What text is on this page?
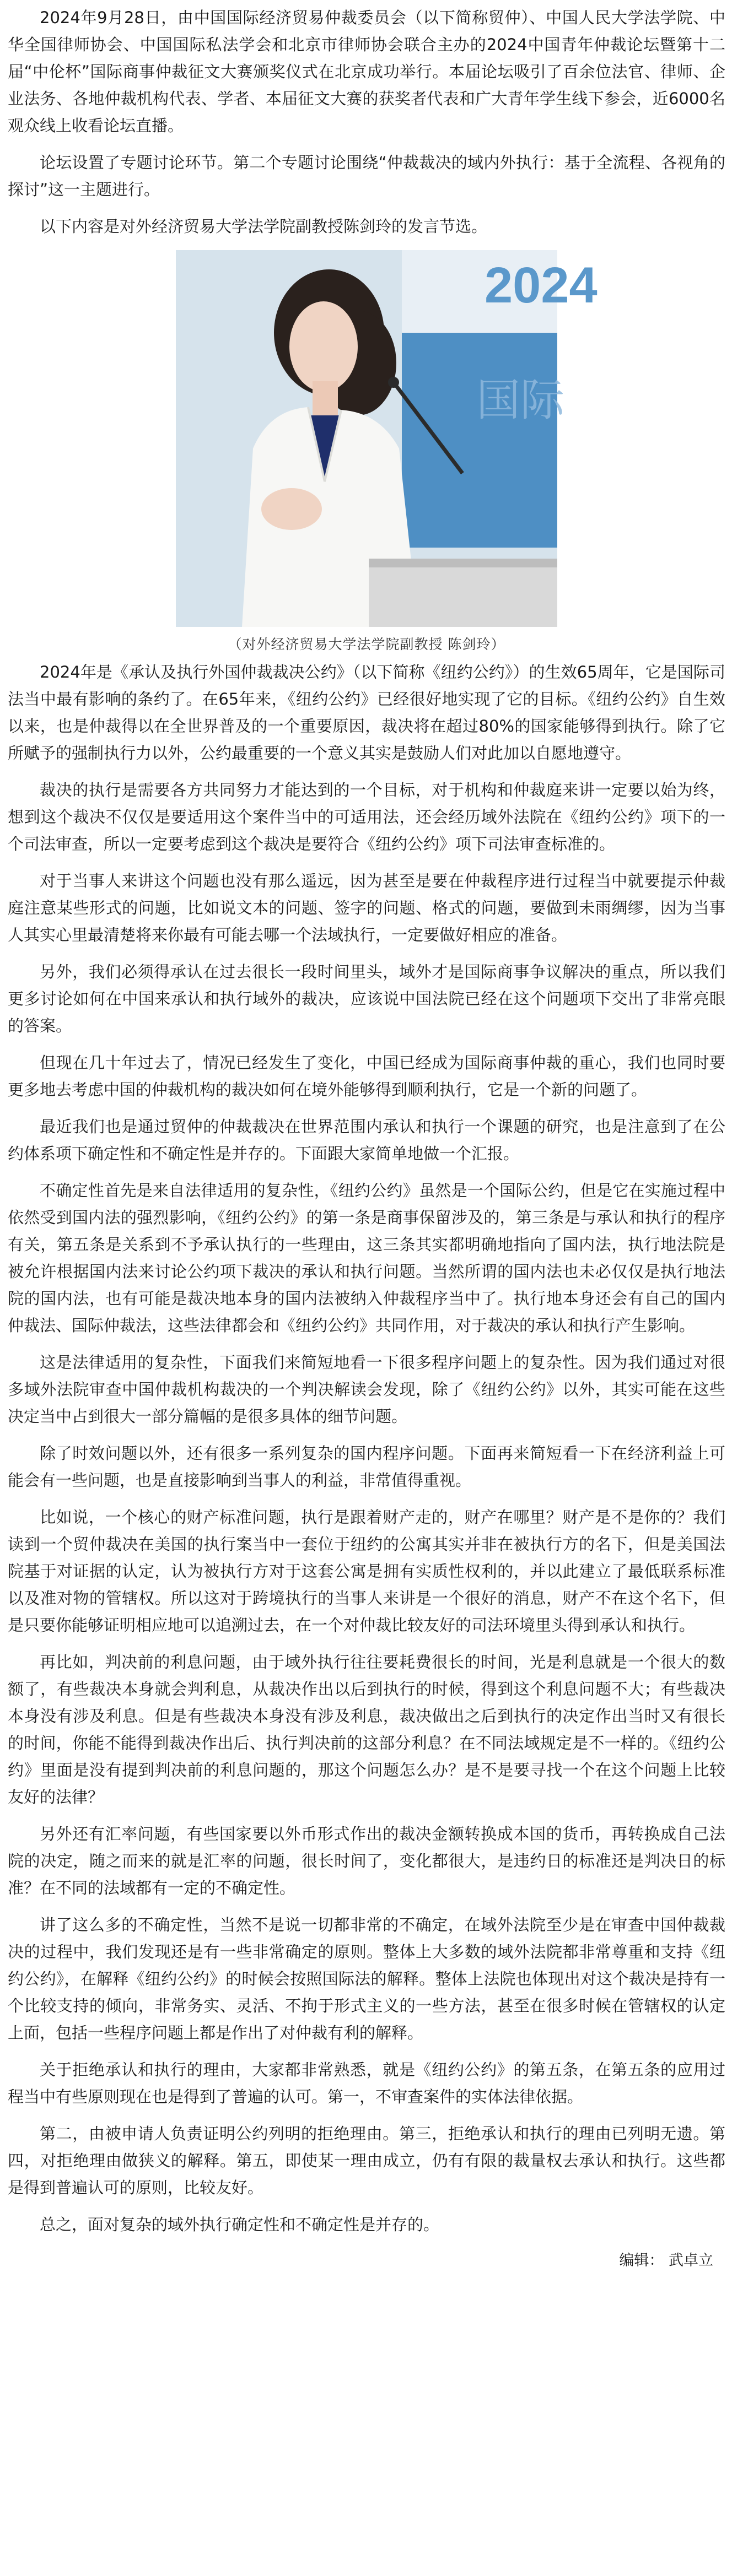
2024年9月28日，由中国国际经济贸易仲裁委员会（以下简称贸仲）、中国人民大学法学院、中华全国律师协会、中国国际私法学会和北京市律师协会联合主办的2024中国青年仲裁论坛暨第十二届“中伦杯”国际商事仲裁征文大赛颁奖仪式在北京成功举行。本届论坛吸引了百余位法官、律师、企业法务、各地仲裁机构代表、学者、本届征文大赛的获奖者代表和广大青年学生线下参会，近6000名观众线上收看论坛直播。

论坛设置了专题讨论环节。第二个专题讨论围绕“仲裁裁决的域内外执行：基于全流程、各视角的探讨”这一主题进行。

以下内容是对外经济贸易大学法学院副教授陈剑玲的发言节选。

2024
国际
（对外经济贸易大学法学院副教授 陈剑玲）

2024年是《承认及执行外国仲裁裁决公约》（以下简称《纽约公约》）的生效65周年，它是国际司法当中最有影响的条约了。在65年来，《纽约公约》已经很好地实现了它的目标。《纽约公约》自生效以来，也是仲裁得以在全世界普及的一个重要原因，裁决将在超过80%的国家能够得到执行。除了它所赋予的强制执行力以外，公约最重要的一个意义其实是鼓励人们对此加以自愿地遵守。

裁决的执行是需要各方共同努力才能达到的一个目标，对于机构和仲裁庭来讲一定要以始为终，想到这个裁决不仅仅是要适用这个案件当中的可适用法，还会经历域外法院在《纽约公约》项下的一个司法审查，所以一定要考虑到这个裁决是要符合《纽约公约》项下司法审查标准的。

对于当事人来讲这个问题也没有那么遥远，因为甚至是要在仲裁程序进行过程当中就要提示仲裁庭注意某些形式的问题，比如说文本的问题、签字的问题、格式的问题，要做到未雨绸缪，因为当事人其实心里最清楚将来你最有可能去哪一个法域执行，一定要做好相应的准备。

另外，我们必须得承认在过去很长一段时间里头，域外才是国际商事争议解决的重点，所以我们更多讨论如何在中国来承认和执行域外的裁决，应该说中国法院已经在这个问题项下交出了非常亮眼的答案。

但现在几十年过去了，情况已经发生了变化，中国已经成为国际商事仲裁的重心，我们也同时要更多地去考虑中国的仲裁机构的裁决如何在境外能够得到顺利执行，它是一个新的问题了。

最近我们也是通过贸仲的仲裁裁决在世界范围内承认和执行一个课题的研究，也是注意到了在公约体系项下确定性和不确定性是并存的。下面跟大家简单地做一个汇报。

不确定性首先是来自法律适用的复杂性，《纽约公约》虽然是一个国际公约，但是它在实施过程中依然受到国内法的强烈影响，《纽约公约》的第一条是商事保留涉及的，第三条是与承认和执行的程序有关，第五条是关系到不予承认执行的一些理由，这三条其实都明确地指向了国内法，执行地法院是被允许根据国内法来讨论公约项下裁决的承认和执行问题。当然所谓的国内法也未必仅仅是执行地法院的国内法，也有可能是裁决地本身的国内法被纳入仲裁程序当中了。执行地本身还会有自己的国内仲裁法、国际仲裁法，这些法律都会和《纽约公约》共同作用，对于裁决的承认和执行产生影响。

这是法律适用的复杂性，下面我们来简短地看一下很多程序问题上的复杂性。因为我们通过对很多域外法院审查中国仲裁机构裁决的一个判决解读会发现，除了《纽约公约》以外，其实可能在这些决定当中占到很大一部分篇幅的是很多具体的细节问题。

除了时效问题以外，还有很多一系列复杂的国内程序问题。下面再来简短看一下在经济利益上可能会有一些问题，也是直接影响到当事人的利益，非常值得重视。

比如说，一个核心的财产标准问题，执行是跟着财产走的，财产在哪里？财产是不是你的？我们读到一个贸仲裁决在美国的执行案当中一套位于纽约的公寓其实并非在被执行方的名下，但是美国法院基于对证据的认定，认为被执行方对于这套公寓是拥有实质性权利的，并以此建立了最低联系标准以及准对物的管辖权。所以这对于跨境执行的当事人来讲是一个很好的消息，财产不在这个名下，但是只要你能够证明相应地可以追溯过去，在一个对仲裁比较友好的司法环境里头得到承认和执行。

再比如，判决前的利息问题，由于域外执行往往要耗费很长的时间，光是利息就是一个很大的数额了，有些裁决本身就会判利息，从裁决作出以后到执行的时候，得到这个利息问题不大；有些裁决本身没有涉及利息。但是有些裁决本身没有涉及利息，裁决做出之后到执行的决定作出当时又有很长的时间，你能不能得到裁决作出后、执行判决前的这部分利息？在不同法域规定是不一样的。《纽约公约》里面是没有提到判决前的利息问题的，那这个问题怎么办？是不是要寻找一个在这个问题上比较友好的法律？

另外还有汇率问题，有些国家要以外币形式作出的裁决金额转换成本国的货币，再转换成自己法院的决定，随之而来的就是汇率的问题，很长时间了，变化都很大，是违约日的标准还是判决日的标准？在不同的法域都有一定的不确定性。

讲了这么多的不确定性，当然不是说一切都非常的不确定，在域外法院至少是在审查中国仲裁裁决的过程中，我们发现还是有一些非常确定的原则。整体上大多数的域外法院都非常尊重和支持《纽约公约》，在解释《纽约公约》的时候会按照国际法的解释。整体上法院也体现出对这个裁决是持有一个比较支持的倾向，非常务实、灵活、不拘于形式主义的一些方法，甚至在很多时候在管辖权的认定上面，包括一些程序问题上都是作出了对仲裁有利的解释。

关于拒绝承认和执行的理由，大家都非常熟悉，就是《纽约公约》的第五条，在第五条的应用过程当中有些原则现在也是得到了普遍的认可。第一，不审查案件的实体法律依据。

第二，由被申请人负责证明公约列明的拒绝理由。第三，拒绝承认和执行的理由已列明无遗。第四，对拒绝理由做狭义的解释。第五，即使某一理由成立，仍有有限的裁量权去承认和执行。这些都是得到普遍认可的原则，比较友好。

总之，面对复杂的域外执行确定性和不确定性是并存的。

编辑： 武卓立
